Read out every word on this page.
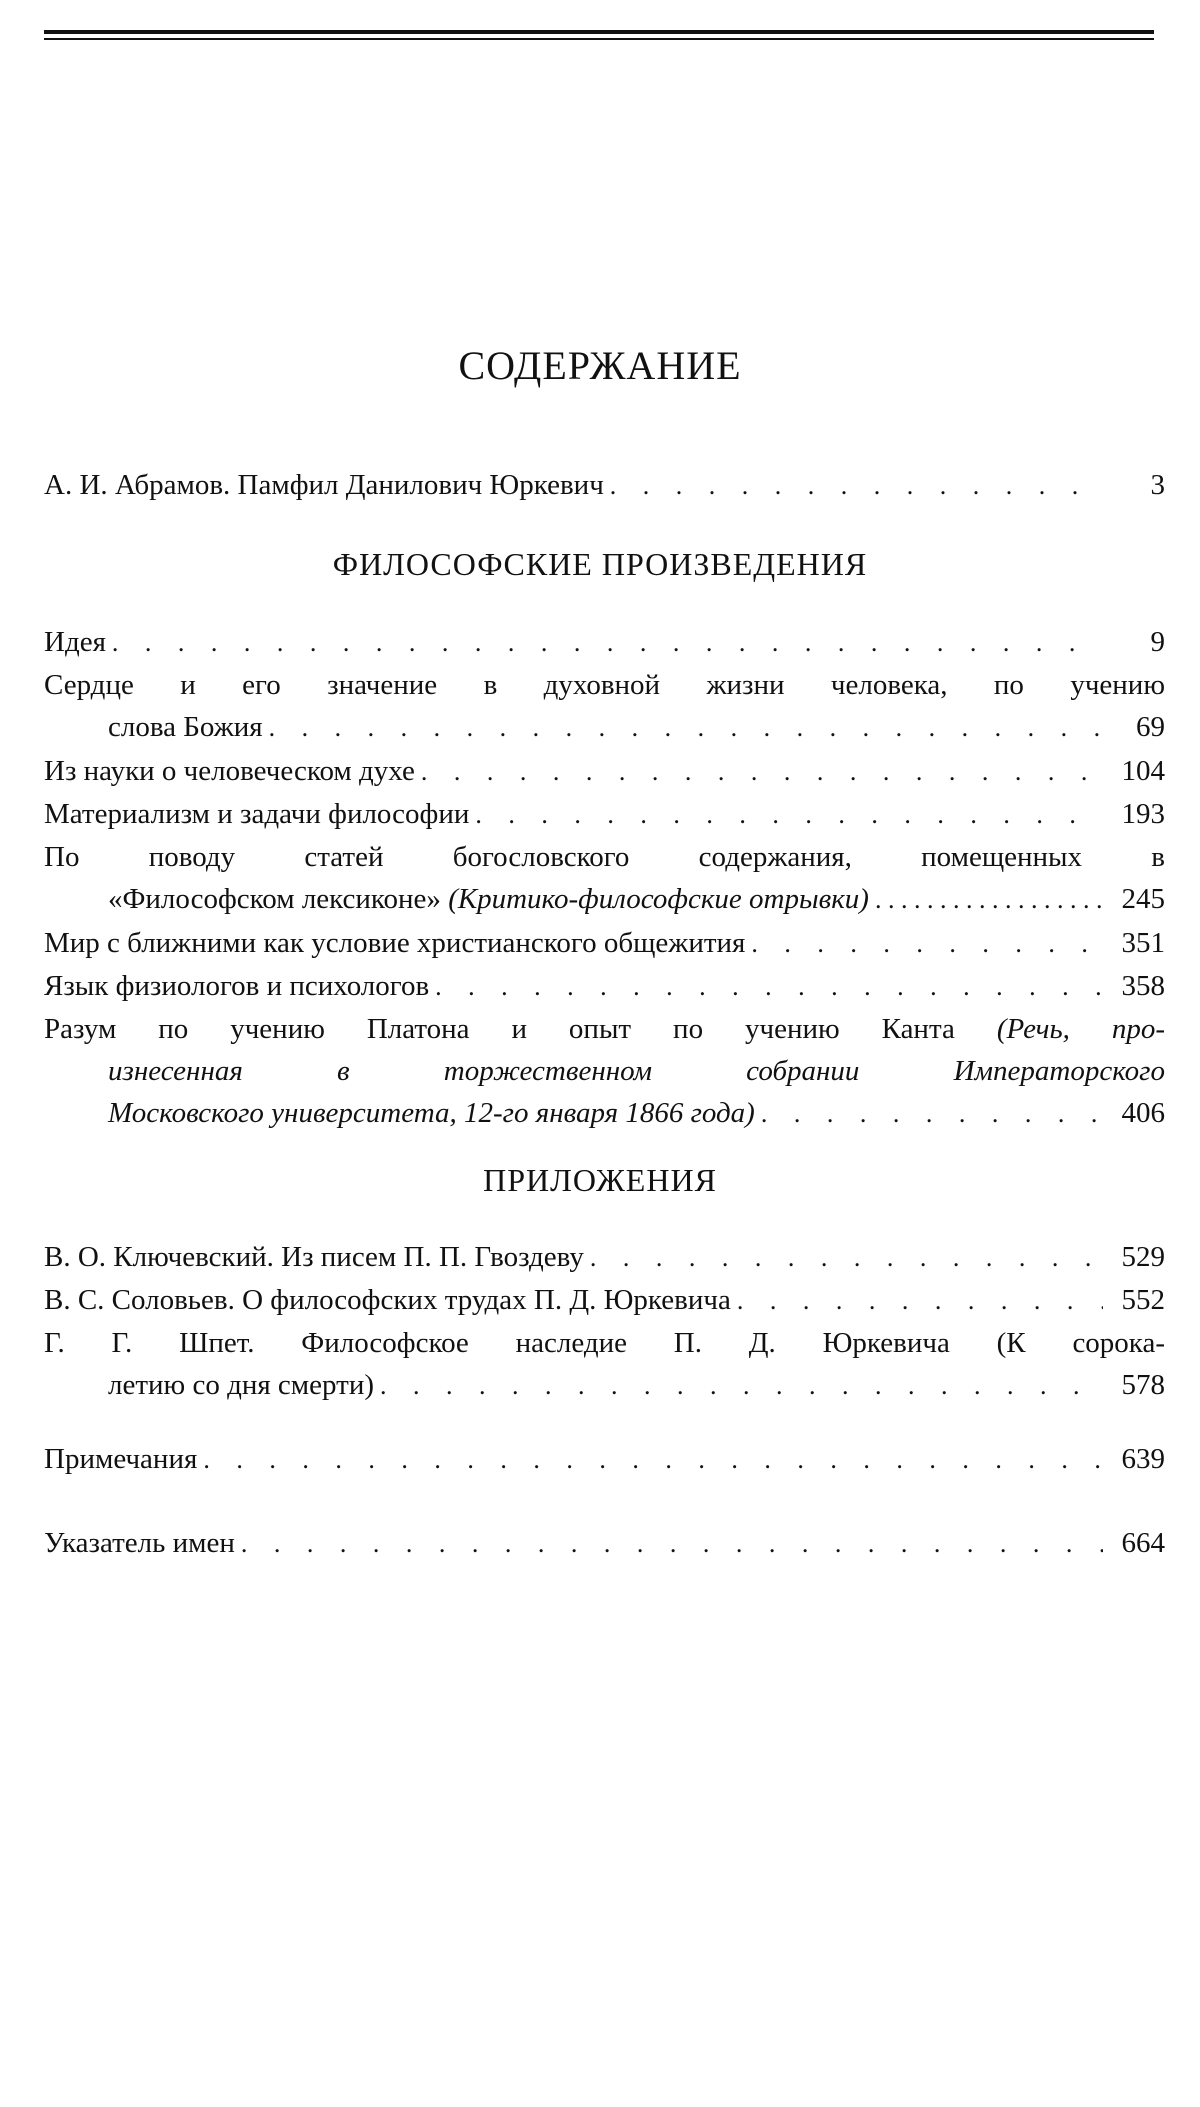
СОДЕРЖАНИЕ
А. И. Абрамов. Памфил Данилович Юркевич . . .	3
ФИЛОСОФСКИЕ ПРОИЗВЕДЕНИЯ
Идея . . .	9
Сердце и его значение в духовной жизни человека, по учению
слова Божия . . .	69
Из науки о человеческом духе . . .	104
Материализм и задачи философии . . .	193
По поводу статей богословского содержания, помещенных в
«Философском лексиконе» (Критико-философские отрывки) . . .	245
Мир с ближними как условие христианского общежития . . .	351
Язык физиологов и психологов . . .	358
Разум по учению Платона и опыт по учению Канта (Речь, про-
изнесенная в торжественном собрании Императорского
Московского университета, 12-го января 1866 года) . . .	406
ПРИЛОЖЕНИЯ
В. О. Ключевский. Из писем П. П. Гвоздеву . . .	529
В. С. Соловьев. О философских трудах П. Д. Юркевича . . .	552
Г. Г. Шпет. Философское наследие П. Д. Юркевича (К сорока-
летию со дня смерти) . . .	578
Примечания . . .	639
Указатель имен . . .	664
